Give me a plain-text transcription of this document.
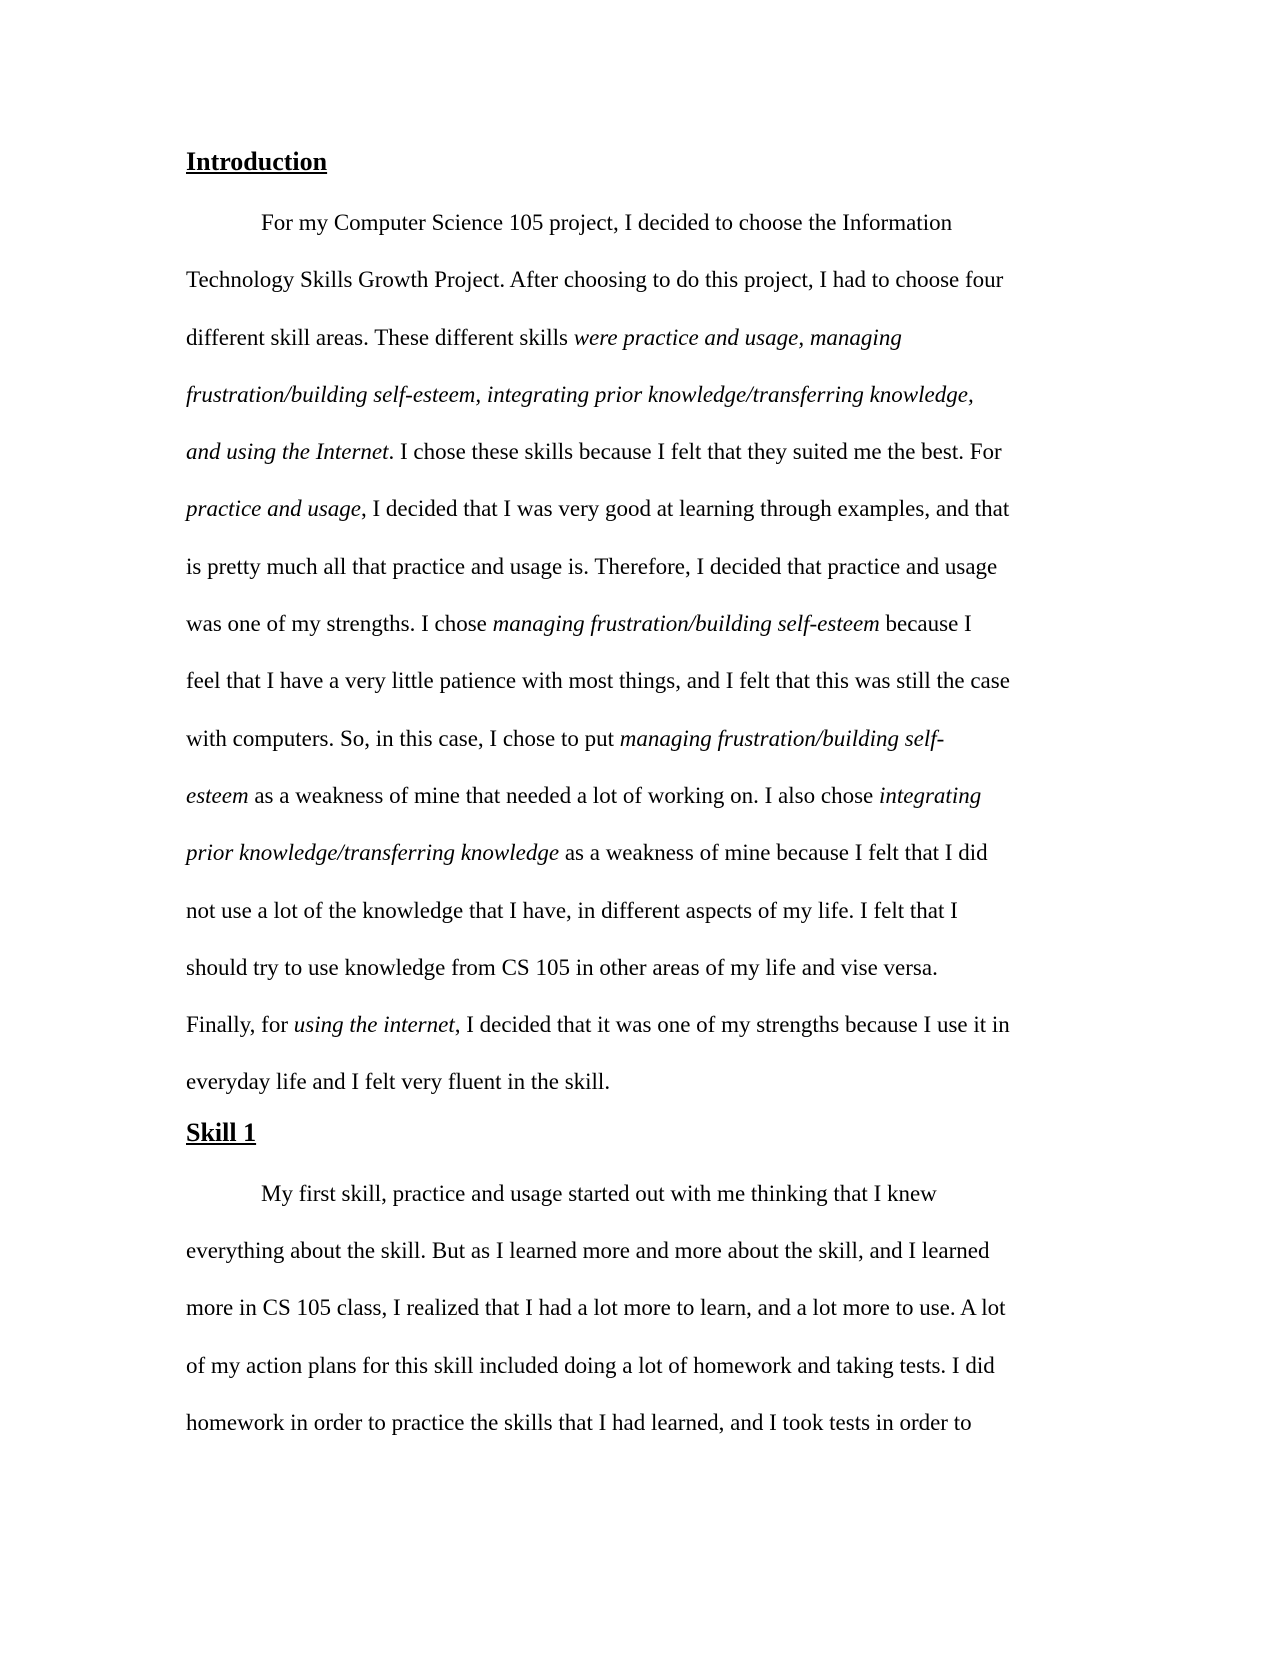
Introduction

For my Computer Science 105 project, I decided to choose the Information
Technology Skills Growth Project. After choosing to do this project, I had to choose four
different skill areas. These different skills were practice and usage, managing
frustration/building self-esteem, integrating prior knowledge/transferring knowledge,
and using the Internet. I chose these skills because I felt that they suited me the best. For
practice and usage, I decided that I was very good at learning through examples, and that
is pretty much all that practice and usage is. Therefore, I decided that practice and usage
was one of my strengths. I chose managing frustration/building self-esteem because I
feel that I have a very little patience with most things, and I felt that this was still the case
with computers. So, in this case, I chose to put managing frustration/building self-
esteem as a weakness of mine that needed a lot of working on. I also chose integrating
prior knowledge/transferring knowledge as a weakness of mine because I felt that I did
not use a lot of the knowledge that I have, in different aspects of my life. I felt that I
should try to use knowledge from CS 105 in other areas of my life and vise versa.
Finally, for using the internet, I decided that it was one of my strengths because I use it in
everyday life and I felt very fluent in the skill.

Skill 1

My first skill, practice and usage started out with me thinking that I knew
everything about the skill. But as I learned more and more about the skill, and I learned
more in CS 105 class, I realized that I had a lot more to learn, and a lot more to use. A lot
of my action plans for this skill included doing a lot of homework and taking tests. I did
homework in order to practice the skills that I had learned, and I took tests in order to
